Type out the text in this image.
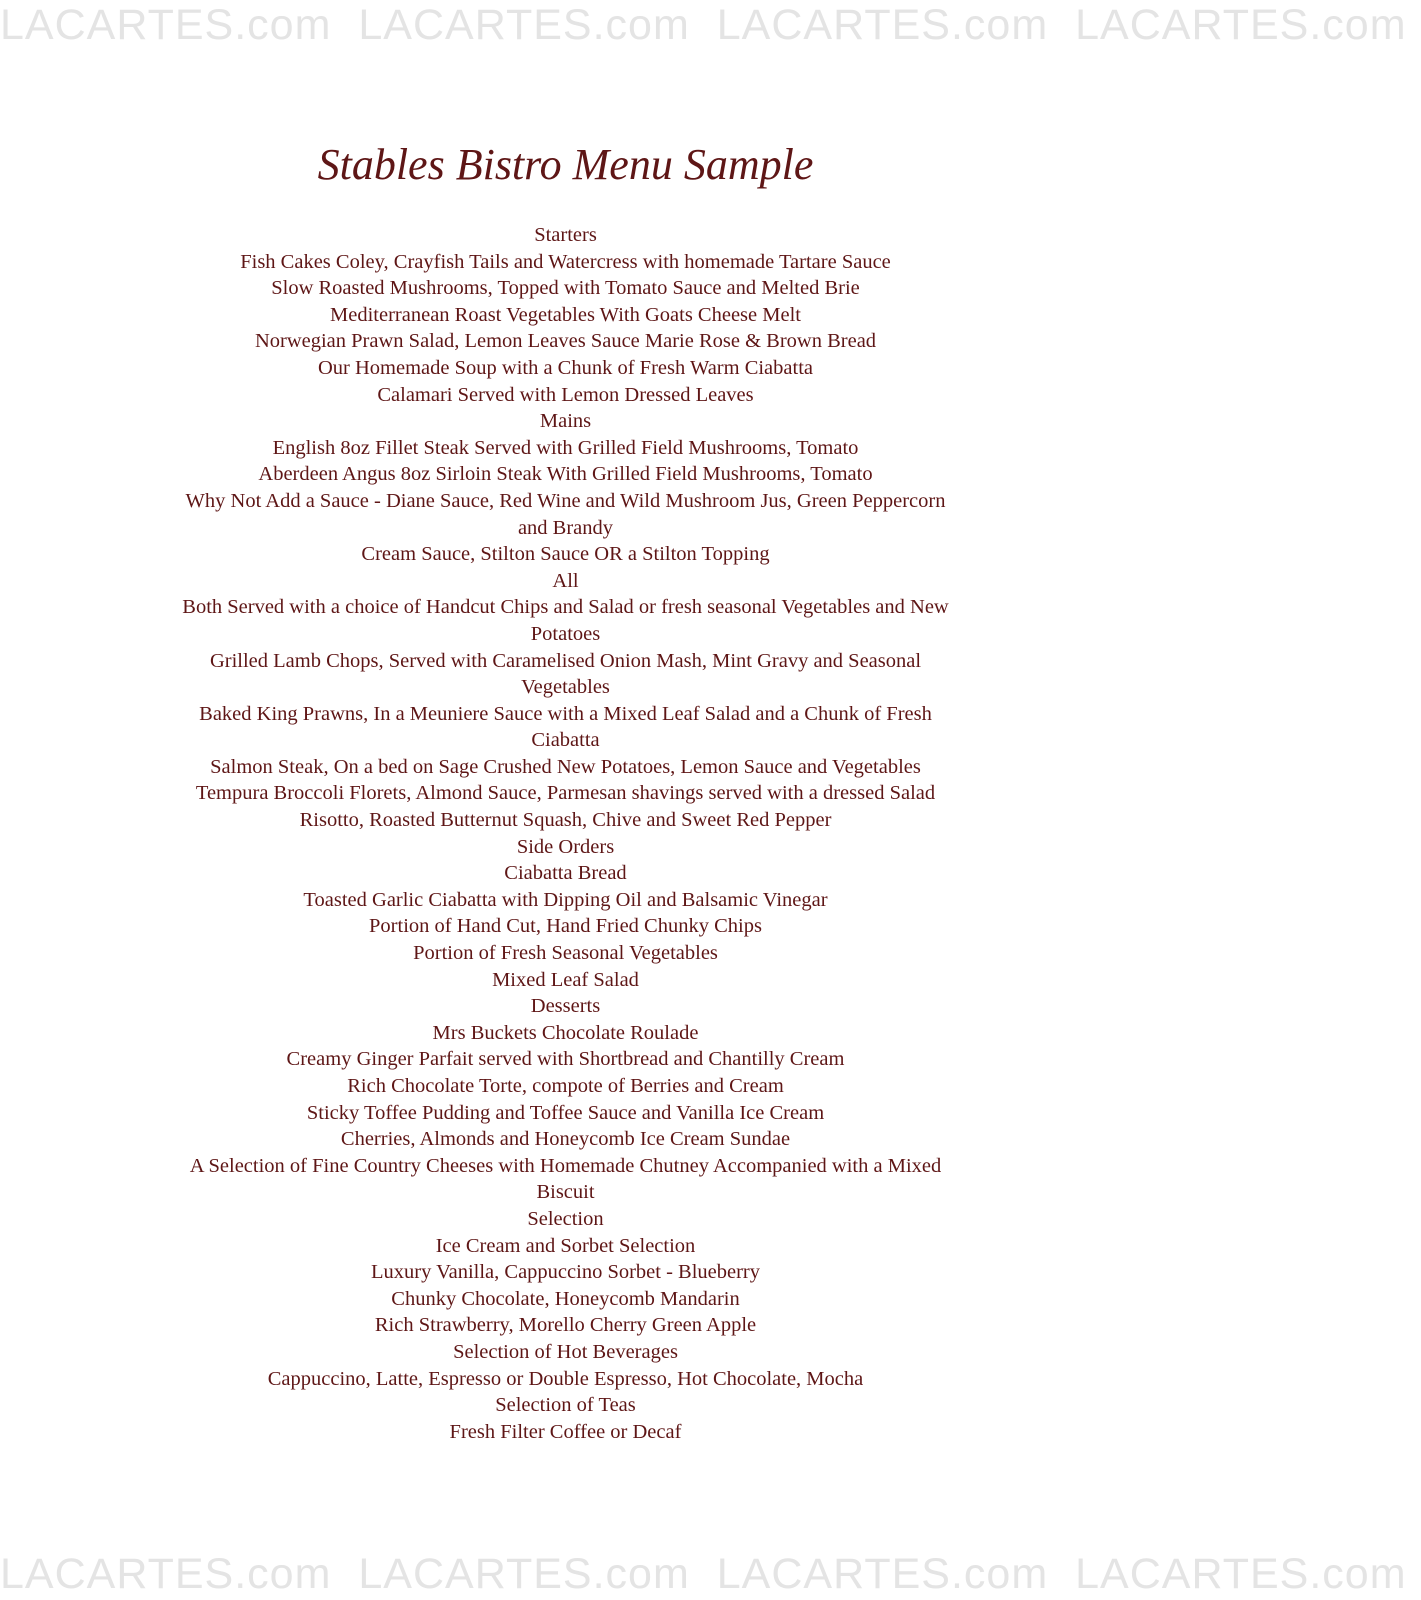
LACARTES.com LACARTES.com LACARTES.com LACARTES.com
Stables Bistro Menu Sample
Starters
Fish Cakes Coley, Crayfish Tails and Watercress with homemade Tartare Sauce
Slow Roasted Mushrooms, Topped with Tomato Sauce and Melted Brie
Mediterranean Roast Vegetables With Goats Cheese Melt
Norwegian Prawn Salad, Lemon Leaves Sauce Marie Rose & Brown Bread
Our Homemade Soup with a Chunk of Fresh Warm Ciabatta
Calamari Served with Lemon Dressed Leaves
Mains
English 8oz Fillet Steak Served with Grilled Field Mushrooms, Tomato
Aberdeen Angus 8oz Sirloin Steak With Grilled Field Mushrooms, Tomato
Why Not Add a Sauce - Diane Sauce, Red Wine and Wild Mushroom Jus, Green Peppercorn
and Brandy
Cream Sauce, Stilton Sauce OR a Stilton Topping
All
Both Served with a choice of Handcut Chips and Salad or fresh seasonal Vegetables and New
Potatoes
Grilled Lamb Chops, Served with Caramelised Onion Mash, Mint Gravy and Seasonal
Vegetables
Baked King Prawns, In a Meuniere Sauce with a Mixed Leaf Salad and a Chunk of Fresh
Ciabatta
Salmon Steak, On a bed on Sage Crushed New Potatoes, Lemon Sauce and Vegetables
Tempura Broccoli Florets, Almond Sauce, Parmesan shavings served with a dressed Salad
Risotto, Roasted Butternut Squash, Chive and Sweet Red Pepper
Side Orders
Ciabatta Bread
Toasted Garlic Ciabatta with Dipping Oil and Balsamic Vinegar
Portion of Hand Cut, Hand Fried Chunky Chips
Portion of Fresh Seasonal Vegetables
Mixed Leaf Salad
Desserts
Mrs Buckets Chocolate Roulade
Creamy Ginger Parfait served with Shortbread and Chantilly Cream
Rich Chocolate Torte, compote of Berries and Cream
Sticky Toffee Pudding and Toffee Sauce and Vanilla Ice Cream
Cherries, Almonds and Honeycomb Ice Cream Sundae
A Selection of Fine Country Cheeses with Homemade Chutney Accompanied with a Mixed
Biscuit
Selection
Ice Cream and Sorbet Selection
Luxury Vanilla, Cappuccino Sorbet - Blueberry
Chunky Chocolate, Honeycomb Mandarin
Rich Strawberry, Morello Cherry Green Apple
Selection of Hot Beverages
Cappuccino, Latte, Espresso or Double Espresso, Hot Chocolate, Mocha
Selection of Teas
Fresh Filter Coffee or Decaf
LACARTES.com LACARTES.com LACARTES.com LACARTES.com
